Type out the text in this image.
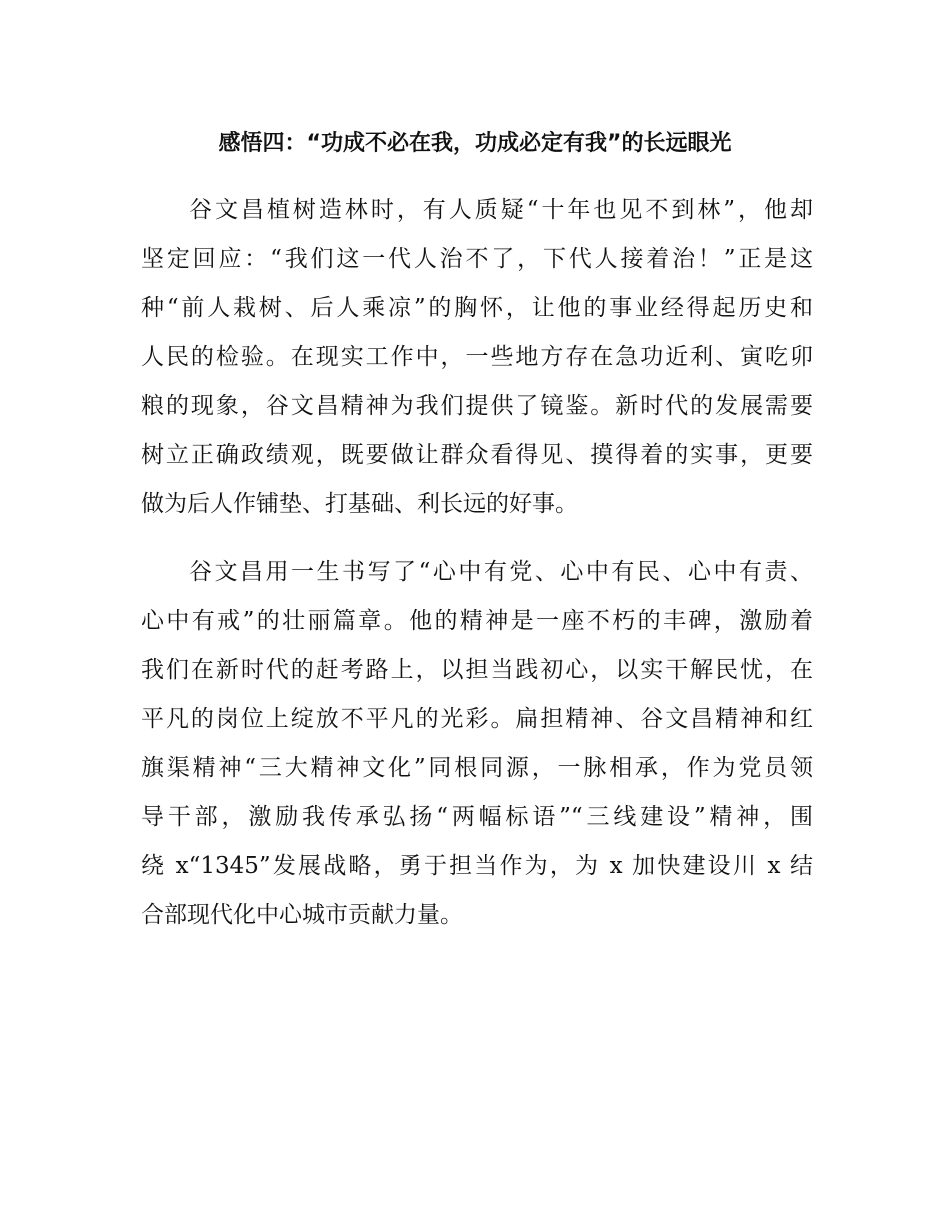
感悟四：“功成不必在我，功成必定有我”的长远眼光
谷文昌植树造林时，有人质疑“十年也见不到林”，他却
坚定回应：“我们这一代人治不了，下代人接着治！”正是这
种“前人栽树、后人乘凉”的胸怀，让他的事业经得起历史和
人民的检验。在现实工作中，一些地方存在急功近利、寅吃卯
粮的现象，谷文昌精神为我们提供了镜鉴。新时代的发展需要
树立正确政绩观，既要做让群众看得见、摸得着的实事，更要
做为后人作铺垫、打基础、利长远的好事。
谷文昌用一生书写了“心中有党、心中有民、心中有责、
心中有戒”的壮丽篇章。他的精神是一座不朽的丰碑，激励着
我们在新时代的赶考路上，以担当践初心，以实干解民忧，在
平凡的岗位上绽放不平凡的光彩。扁担精神、谷文昌精神和红
旗渠精神“三大精神文化”同根同源，一脉相承，作为党员领
导干部，激励我传承弘扬“两幅标语”“三线建设”精神，围
绕 x“1345”发展战略，勇于担当作为，为 x 加快建设川 x 结
合部现代化中心城市贡献力量。
